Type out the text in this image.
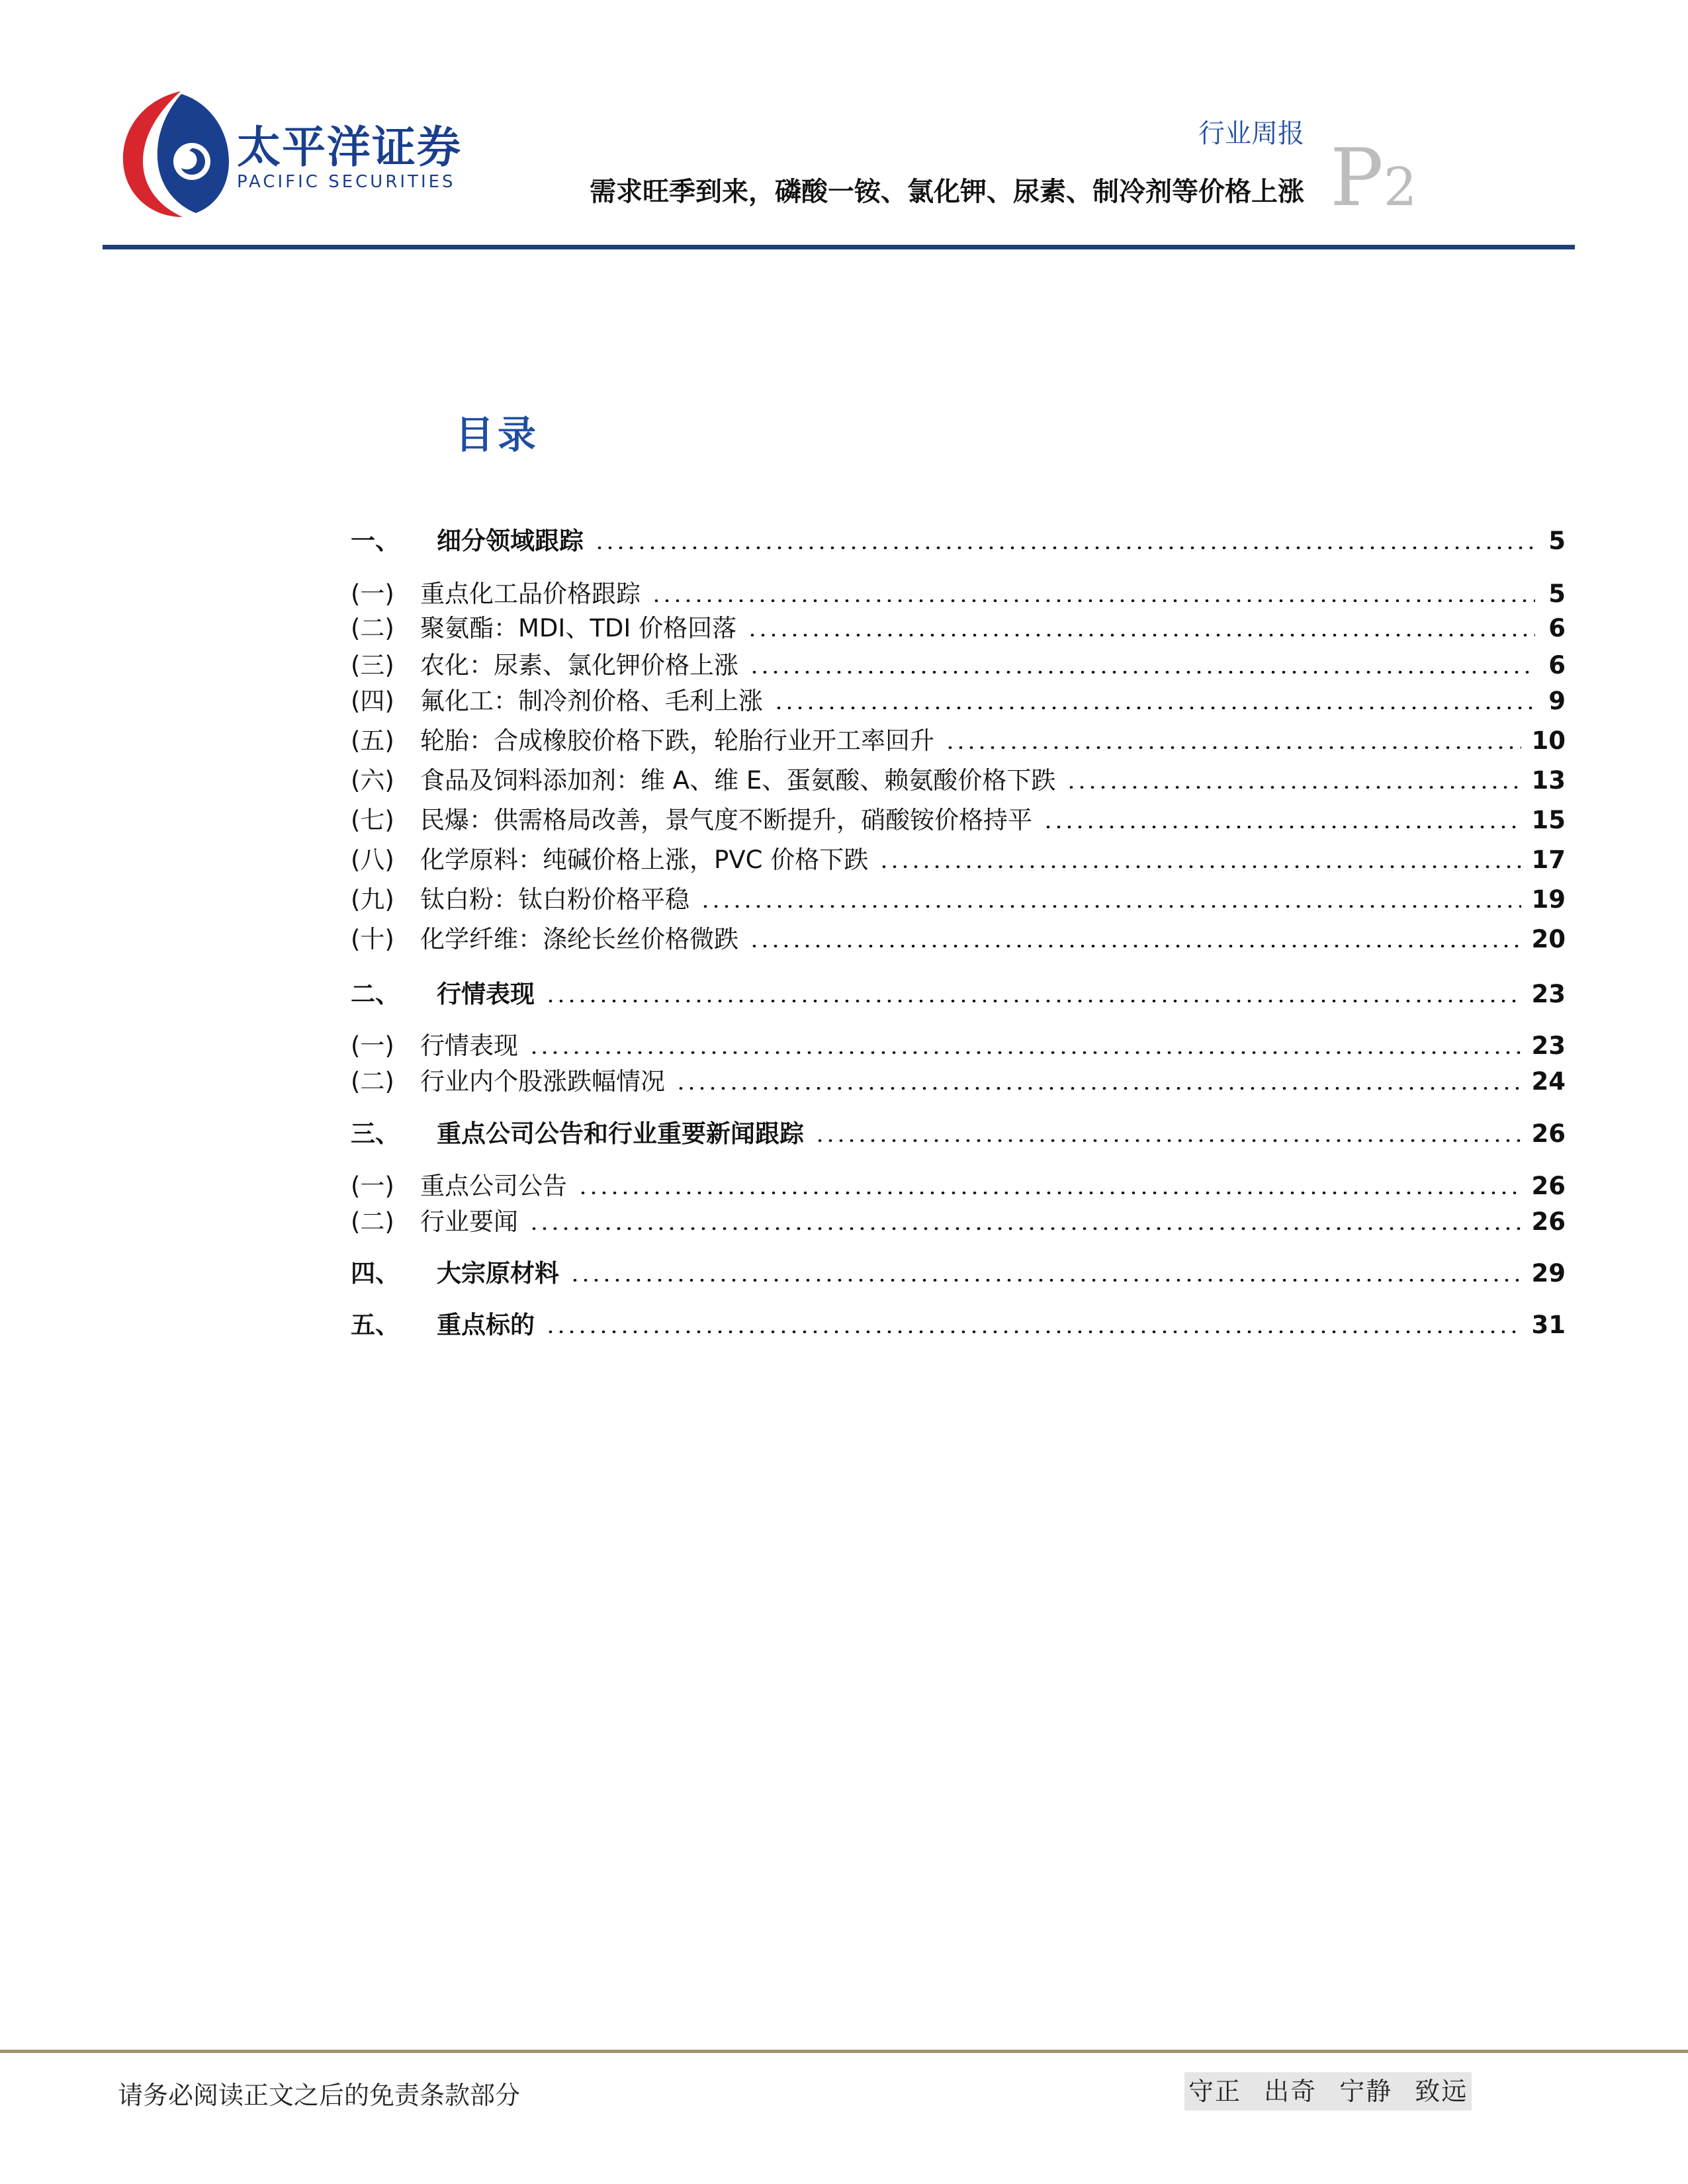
太平洋证券
PACIFIC SECURITIES
行业周报
需求旺季到来，磷酸一铵、氯化钾、尿素、制冷剂等价格上涨 P2
目录
一、	细分领域跟踪	5
(一)	重点化工品价格跟踪	5
(二)	聚氨酯：MDI、TDI 价格回落	6
(三)	农化：尿素、氯化钾价格上涨	6
(四)	氟化工：制冷剂价格、毛利上涨	9
(五)	轮胎：合成橡胶价格下跌，轮胎行业开工率回升	10
(六)	食品及饲料添加剂：维 A、维 E、蛋氨酸、赖氨酸价格下跌	13
(七)	民爆：供需格局改善，景气度不断提升，硝酸铵价格持平	15
(八)	化学原料：纯碱价格上涨，PVC 价格下跌	17
(九)	钛白粉：钛白粉价格平稳	19
(十)	化学纤维：涤纶长丝价格微跌	20
二、	行情表现	23
(一)	行情表现	23
(二)	行业内个股涨跌幅情况	24
三、	重点公司公告和行业重要新闻跟踪	26
(一)	重点公司公告	26
(二)	行业要闻	26
四、	大宗原材料	29
五、	重点标的	31
请务必阅读正文之后的免责条款部分	守正 出奇 宁静 致远
